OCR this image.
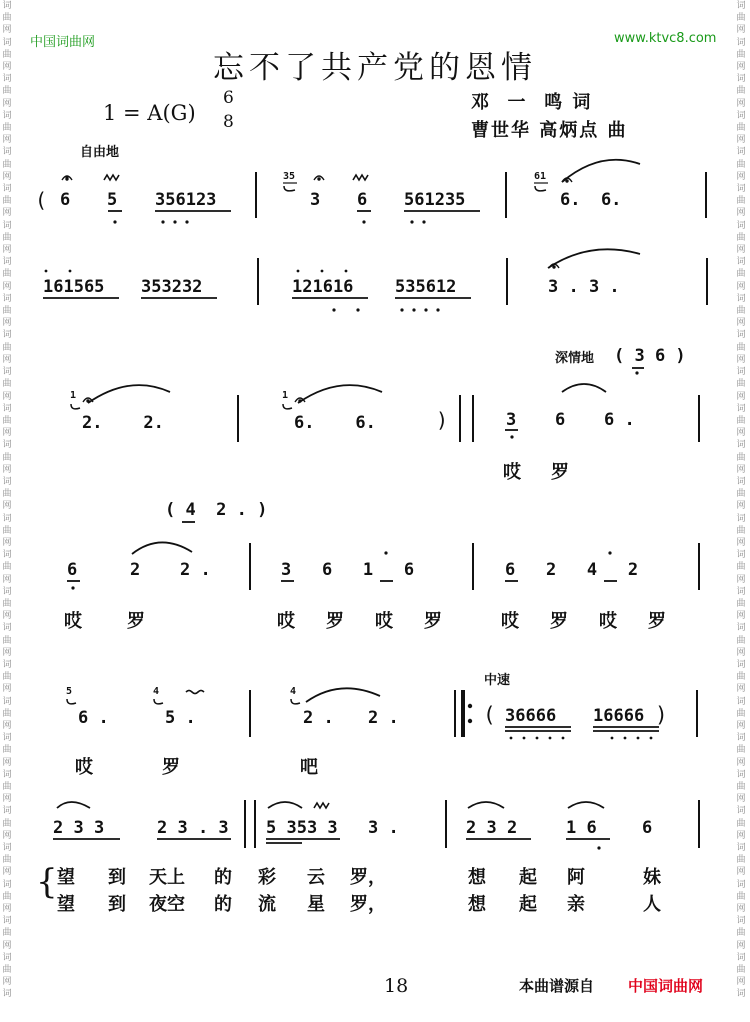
词
曲
网
词
曲
网
词
曲
网
词
曲
网
词
曲
网
词
曲
网
词
曲
网
词
曲
网
词
曲
网
词
曲
网
词
曲
网
词
曲
网
词
曲
网
词
曲
网
词
曲
网
词
曲
网
词
曲
网
词
曲
网
词
曲
网
词
曲
网
词
曲
网
词
曲
网
词
曲
网
词
曲
网
词
曲
网
词
曲
网
词
曲
网
词
词
曲
网
词
曲
网
词
曲
网
词
曲
网
词
曲
网
词
曲
网
词
曲
网
词
曲
网
词
曲
网
词
曲
网
词
曲
网
词
曲
网
词
曲
网
词
曲
网
词
曲
网
词
曲
网
词
曲
网
词
曲
网
词
曲
网
词
曲
网
词
曲
网
词
曲
网
词
曲
网
词
曲
网
词
曲
网
词
曲
网
词
曲
网
词
中国词曲网	www.ktvc8.com
忘不了共产党的恩情
1 = A(G)
6
8
邓  一  鸣 词
曹世华 高炳点 曲
自由地
深情地
中速
( 6 5 356123
35
3 6 561235
61
6.  6.
161565 353232	121616 535612	3 . 3 .
1
2.    2.
1
6.    6.	)
( 3 6 )
3 6 6 .
哎 罗
( 4  2 . )
6	2 2 .	3   6   1   6	6   2   4   2
哎	罗	哎 罗 哎 罗	哎 罗 哎 罗
5
6 .
4
5 .
4
2 . 2 .	( 36666 16666 )
哎	罗	吧
2 3 3	2 3 . 3 5 353 3 3 .	2 3 2	1 6	6
{ 望 到 天上 的 彩 云 罗，	想 起 阿	妹
望 到 夜空 的 流 星 罗，	想 起 亲	人
18	本曲谱源自 中国词曲网
